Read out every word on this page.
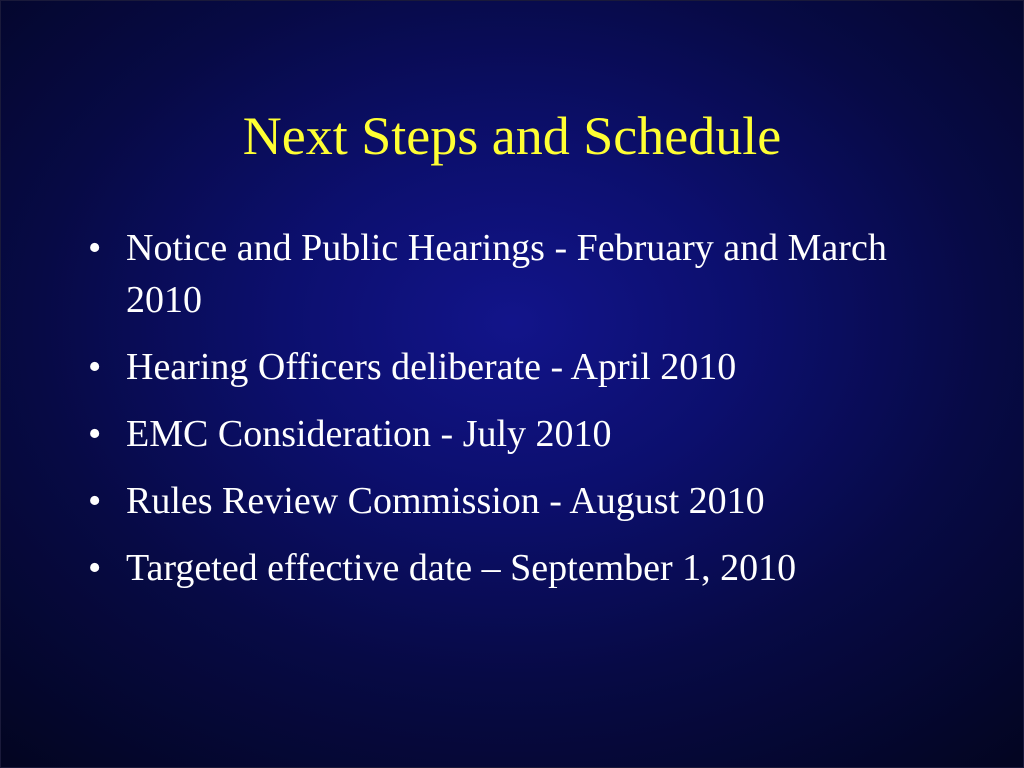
Next Steps and Schedule
• Notice and Public Hearings - February and March 2010
• Hearing Officers deliberate - April 2010
• EMC Consideration - July 2010
• Rules Review Commission - August 2010
• Targeted effective date – September 1, 2010
